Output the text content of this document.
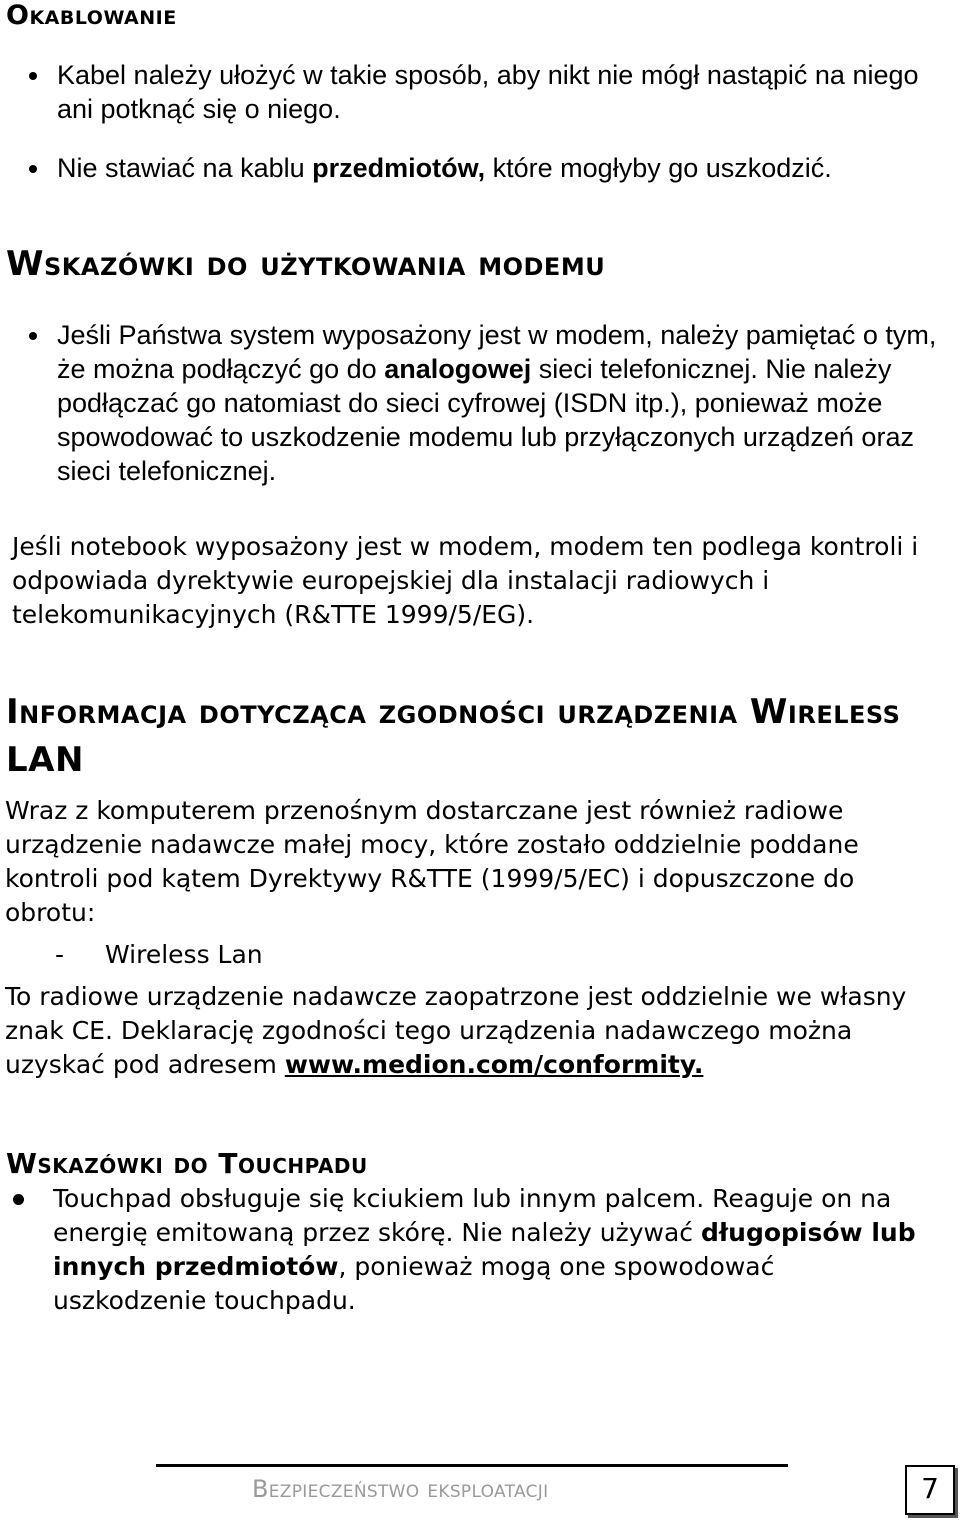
Okablowanie
Kabel należy ułożyć w takie sposób, aby nikt nie mógł nastąpić na niego ani potknąć się o niego.
Nie stawiać na kablu przedmiotów, które mogłyby go uszkodzić.
Wskazówki do użytkowania modemu
Jeśli Państwa system wyposażony jest w modem, należy pamiętać o tym, że można podłączyć go do analogowej sieci telefonicznej. Nie należy podłączać go natomiast do sieci cyfrowej (ISDN itp.), ponieważ może spowodować to uszkodzenie modemu lub przyłączonych urządzeń oraz sieci telefonicznej.

Jeśli notebook wyposażony jest w modem, modem ten podlega kontroli i odpowiada dyrektywie europejskiej dla instalacji radiowych i telekomunikacyjnych (R&TTE 1999/5/EG).

Informacja dotycząca zgodności urządzenia Wireless LAN

Wraz z komputerem przenośnym dostarczane jest również radiowe urządzenie nadawcze małej mocy, które zostało oddzielnie poddane kontroli pod kątem Dyrektywy R&TTE (1999/5/EC) i dopuszczone do obrotu:

- Wireless Lan

To radiowe urządzenie nadawcze zaopatrzone jest oddzielnie we własny znak CE. Deklarację zgodności tego urządzenia nadawczego można uzyskać pod adresem www.medion.com/conformity.

Wskazówki do Touchpadu
Touchpad obsługuje się kciukiem lub innym palcem. Reaguje on na energię emitowaną przez skórę. Nie należy używać długopisów lub innych przedmiotów, ponieważ mogą one spowodować uszkodzenie touchpadu.
Bezpieczeństwo eksploatacji	7
